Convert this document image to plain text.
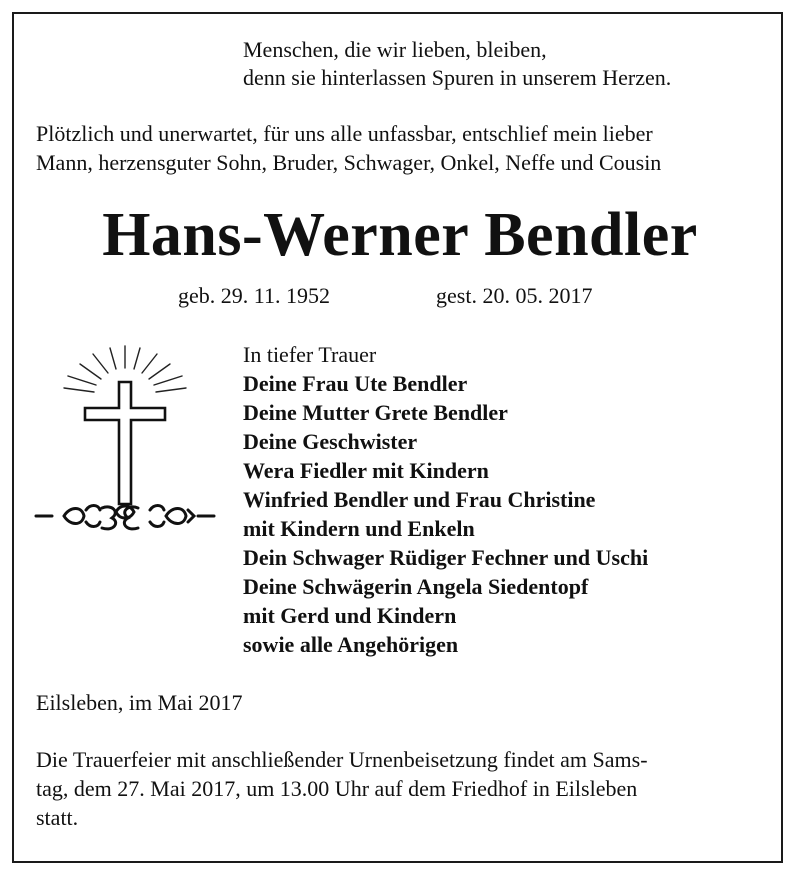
Menschen, die wir lieben, bleiben,
denn sie hinterlassen Spuren in unserem Herzen.
Plötzlich und unerwartet, für uns alle unfassbar, entschlief mein lieber
Mann, herzensguter Sohn, Bruder, Schwager, Onkel, Neffe und Cousin
Hans-Werner Bendler
geb. 29. 11. 1952	gest. 20. 05. 2017
In tiefer Trauer
Deine Frau Ute Bendler
Deine Mutter Grete Bendler
Deine Geschwister
Wera Fiedler mit Kindern
Winfried Bendler und Frau Christine
mit Kindern und Enkeln
Dein Schwager Rüdiger Fechner und Uschi
Deine Schwägerin Angela Siedentopf
mit Gerd und Kindern
sowie alle Angehörigen
Eilsleben, im Mai 2017
Die Trauerfeier mit anschließender Urnenbeisetzung findet am Sams-
tag, dem 27. Mai 2017, um 13.00 Uhr auf dem Friedhof in Eilsleben
statt.
